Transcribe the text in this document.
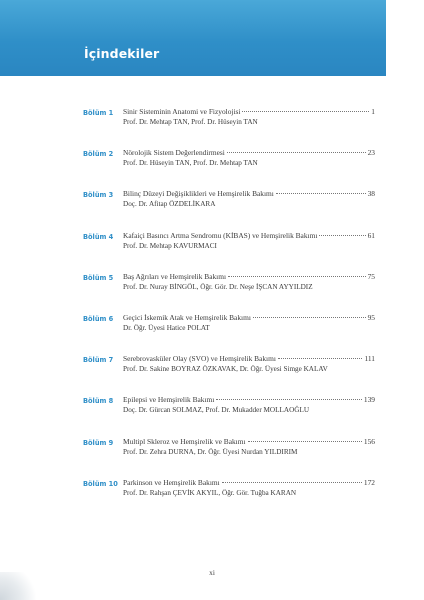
İçindekiler
Bölüm 1 Sinir Sisteminin Anatomi ve Fizyolojisi	1
Prof. Dr. Mehtap TAN, Prof. Dr. Hüseyin TAN
Bölüm 2 Nörolojik Sistem Değerlendirmesi	23
Prof. Dr. Hüseyin TAN, Prof. Dr. Mehtap TAN
Bölüm 3 Bilinç Düzeyi Değişiklikleri ve Hemşirelik Bakımı	38
Doç. Dr. Afitap ÖZDELİKARA
Bölüm 4 Kafaiçi Basıncı Artma Sendromu (KİBAS) ve Hemşirelik Bakımı	61
Prof. Dr. Mehtap KAVURMACI
Bölüm 5 Baş Ağrıları ve Hemşirelik Bakımı	75
Prof. Dr. Nuray BİNGÖL, Öğr. Gör. Dr. Neşe İŞCAN AYYILDIZ
Bölüm 6 Geçici İskemik Atak ve Hemşirelik Bakımı	95
Dr. Öğr. Üyesi Hatice POLAT
Bölüm 7 Serebrovasküler Olay (SVO) ve Hemşirelik Bakımı	111
Prof. Dr. Sakine BOYRAZ ÖZKAVAK, Dr. Öğr. Üyesi Simge KALAV
Bölüm 8 Epilepsi ve Hemşirelik Bakımı	139
Doç. Dr. Gürcan SOLMAZ, Prof. Dr. Mukadder MOLLAOĞLU
Bölüm 9 Multipl Skleroz ve Hemşirelik ve Bakımı	156
Prof. Dr. Zehra DURNA, Dr. Öğr. Üyesi Nurdan YILDIRIM
Bölüm 10 Parkinson ve Hemşirelik Bakımı	172
Prof. Dr. Rahşan ÇEVİK AKYIL, Öğr. Gör. Tuğba KARAN
xi
